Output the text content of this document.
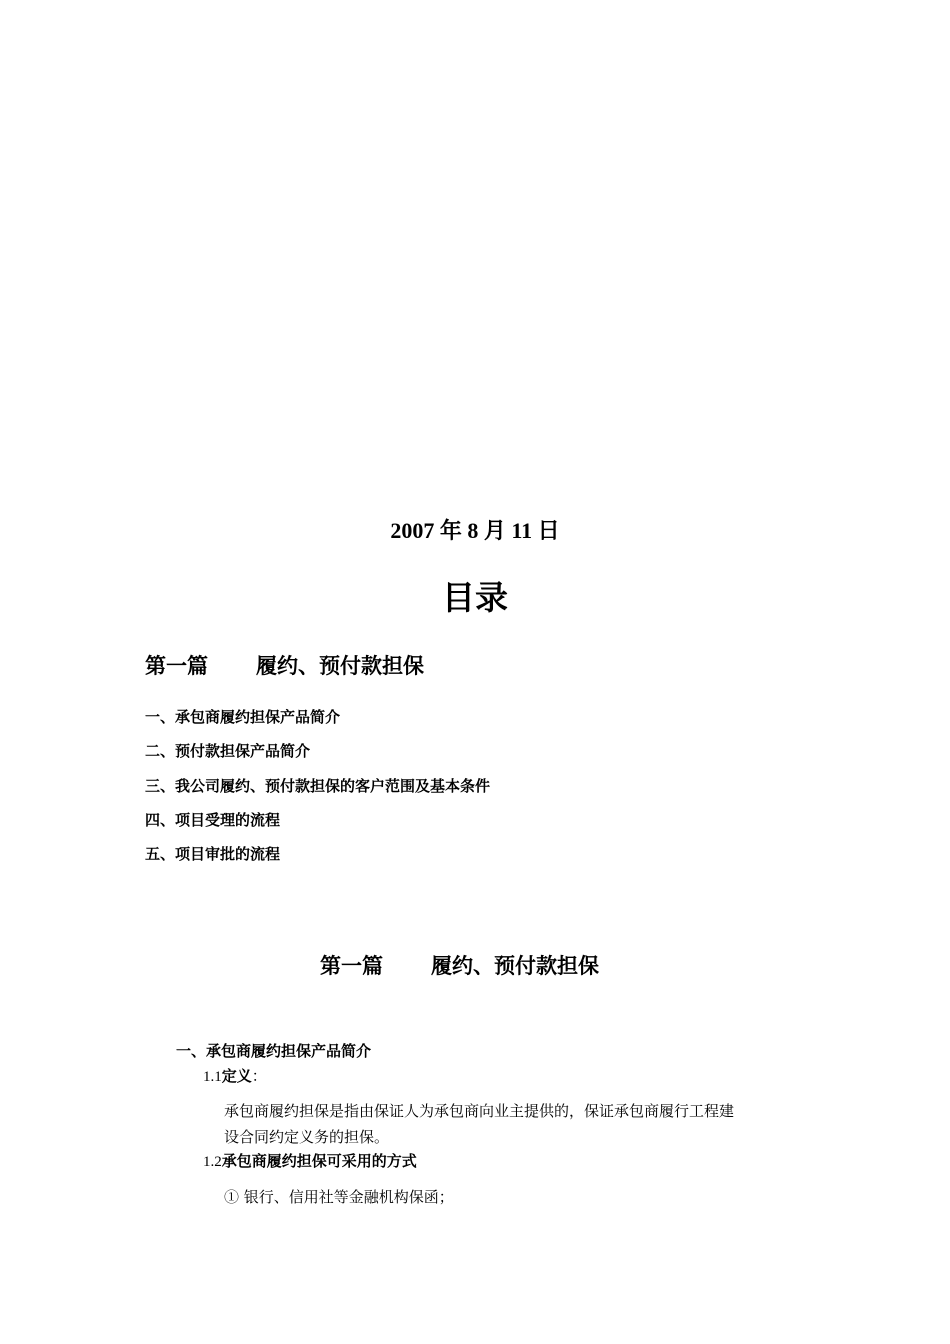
2007 年 8 月 11 日
目录
第一篇 履约、预付款担保
一、承包商履约担保产品简介
二、预付款担保产品简介
三、我公司履约、预付款担保的客户范围及基本条件
四、项目受理的流程
五、项目审批的流程
第一篇 履约、预付款担保
一、承包商履约担保产品简介
1.1定义：
承包商履约担保是指由保证人为承包商向业主提供的，保证承包商履行工程建
设合同约定义务的担保。
1.2承包商履约担保可采用的方式
① 银行、信用社等金融机构保函；
